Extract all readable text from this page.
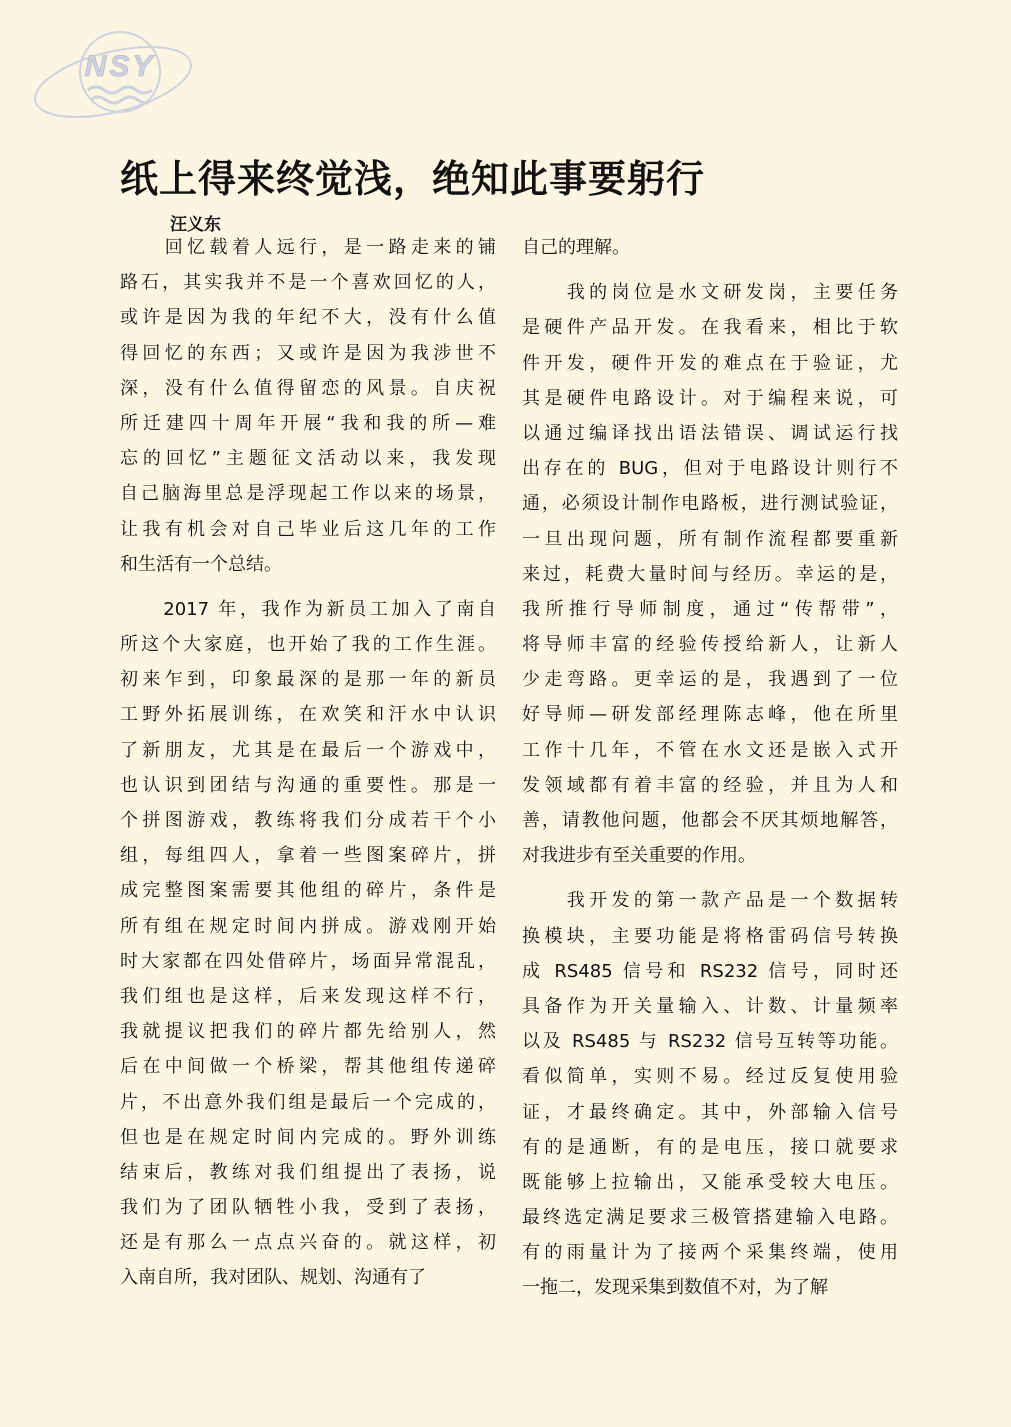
NSY
纸上得来终觉浅，绝知此事要躬行
汪义东
　　回忆载着人远行，是一路走来的铺
路石，其实我并不是一个喜欢回忆的人，
或许是因为我的年纪不大，没有什么值
得回忆的东西；又或许是因为我涉世不
深，没有什么值得留恋的风景。自庆祝
所迁建四十周年开展“我和我的所—难
忘的回忆”主题征文活动以来，我发现
自己脑海里总是浮现起工作以来的场景，
让我有机会对自己毕业后这几年的工作
和生活有一个总结。
　　2017 年，我作为新员工加入了南自
所这个大家庭，也开始了我的工作生涯。
初来乍到，印象最深的是那一年的新员
工野外拓展训练，在欢笑和汗水中认识
了新朋友，尤其是在最后一个游戏中，
也认识到团结与沟通的重要性。那是一
个拼图游戏，教练将我们分成若干个小
组，每组四人，拿着一些图案碎片，拼
成完整图案需要其他组的碎片，条件是
所有组在规定时间内拼成。游戏刚开始
时大家都在四处借碎片，场面异常混乱，
我们组也是这样，后来发现这样不行，
我就提议把我们的碎片都先给别人，然
后在中间做一个桥梁，帮其他组传递碎
片，不出意外我们组是最后一个完成的，
但也是在规定时间内完成的。野外训练
结束后，教练对我们组提出了表扬，说
我们为了团队牺牲小我，受到了表扬，
还是有那么一点点兴奋的。就这样，初
入南自所，我对团队、规划、沟通有了
自己的理解。
　　我的岗位是水文研发岗，主要任务
是硬件产品开发。在我看来，相比于软
件开发，硬件开发的难点在于验证，尤
其是硬件电路设计。对于编程来说，可
以通过编译找出语法错误、调试运行找
出存在的 BUG，但对于电路设计则行不
通，必须设计制作电路板，进行测试验证，
一旦出现问题，所有制作流程都要重新
来过，耗费大量时间与经历。幸运的是，
我所推行导师制度，通过“传帮带”，
将导师丰富的经验传授给新人，让新人
少走弯路。更幸运的是，我遇到了一位
好导师—研发部经理陈志峰，他在所里
工作十几年，不管在水文还是嵌入式开
发领域都有着丰富的经验，并且为人和
善，请教他问题，他都会不厌其烦地解答，
对我进步有至关重要的作用。
　　我开发的第一款产品是一个数据转
换模块，主要功能是将格雷码信号转换
成 RS485 信号和 RS232 信号，同时还
具备作为开关量输入、计数、计量频率
以及 RS485 与 RS232 信号互转等功能。
看似简单，实则不易。经过反复使用验
证，才最终确定。其中，外部输入信号
有的是通断，有的是电压，接口就要求
既能够上拉输出，又能承受较大电压。
最终选定满足要求三极管搭建输入电路。
有的雨量计为了接两个采集终端，使用
一拖二，发现采集到数值不对，为了解
